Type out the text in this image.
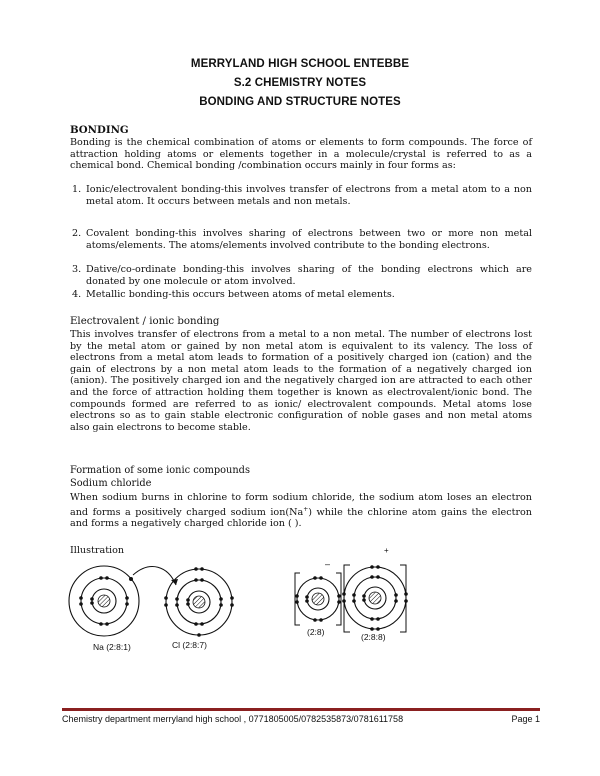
MERRYLAND HIGH SCHOOL ENTEBBE
S.2 CHEMISTRY NOTES
BONDING AND STRUCTURE NOTES
BONDING
Bonding is the chemical combination of atoms or elements to form compounds. The force of attraction holding atoms or elements together in a molecule/crystal is referred to as a chemical bond. Chemical bonding /combination occurs mainly in four forms as:
1. Ionic/electrovalent bonding-this involves transfer of electrons from a metal atom to a non metal atom. It occurs between metals and non metals.
2. Covalent bonding-this involves sharing of electrons between two or more non metal atoms/elements. The atoms/elements involved contribute to the bonding electrons.
3. Dative/co-ordinate bonding-this involves sharing of the bonding electrons which are donated by one molecule or atom involved.
4. Metallic bonding-this occurs between atoms of metal elements.
Electrovalent / ionic bonding
This involves transfer of electrons from a metal to a non metal. The number of electrons lost by the metal atom or gained by non metal atom is equivalent to its valency. The loss of electrons from a metal atom leads to formation of a positively charged ion (cation) and the gain of electrons by a non metal atom leads to the formation of a negatively charged ion (anion). The positively charged ion and the negatively charged ion are attracted to each other and the force of attraction holding them together is known as electrovalent/ionic bond. The compounds formed are referred to as ionic/ electrovalent compounds. Metal atoms lose electrons so as to gain stable electronic configuration of noble gases and non metal atoms also gain electrons to become stable.
Formation of some ionic compounds
Sodium chloride
When sodium burns in chlorine to form sodium chloride, the sodium atom loses an electron and forms a positively charged sodium ion(Na+) while the chlorine atom gains the electron and forms a negatively charged chloride ion ( ).
Illustration
Na (2:8:1)	Cl (2:8:7)
(2:8)	(2:8:8)
–
+
Chemistry department merryland high school , 0771805005/0782535873/0781611758	Page 1
